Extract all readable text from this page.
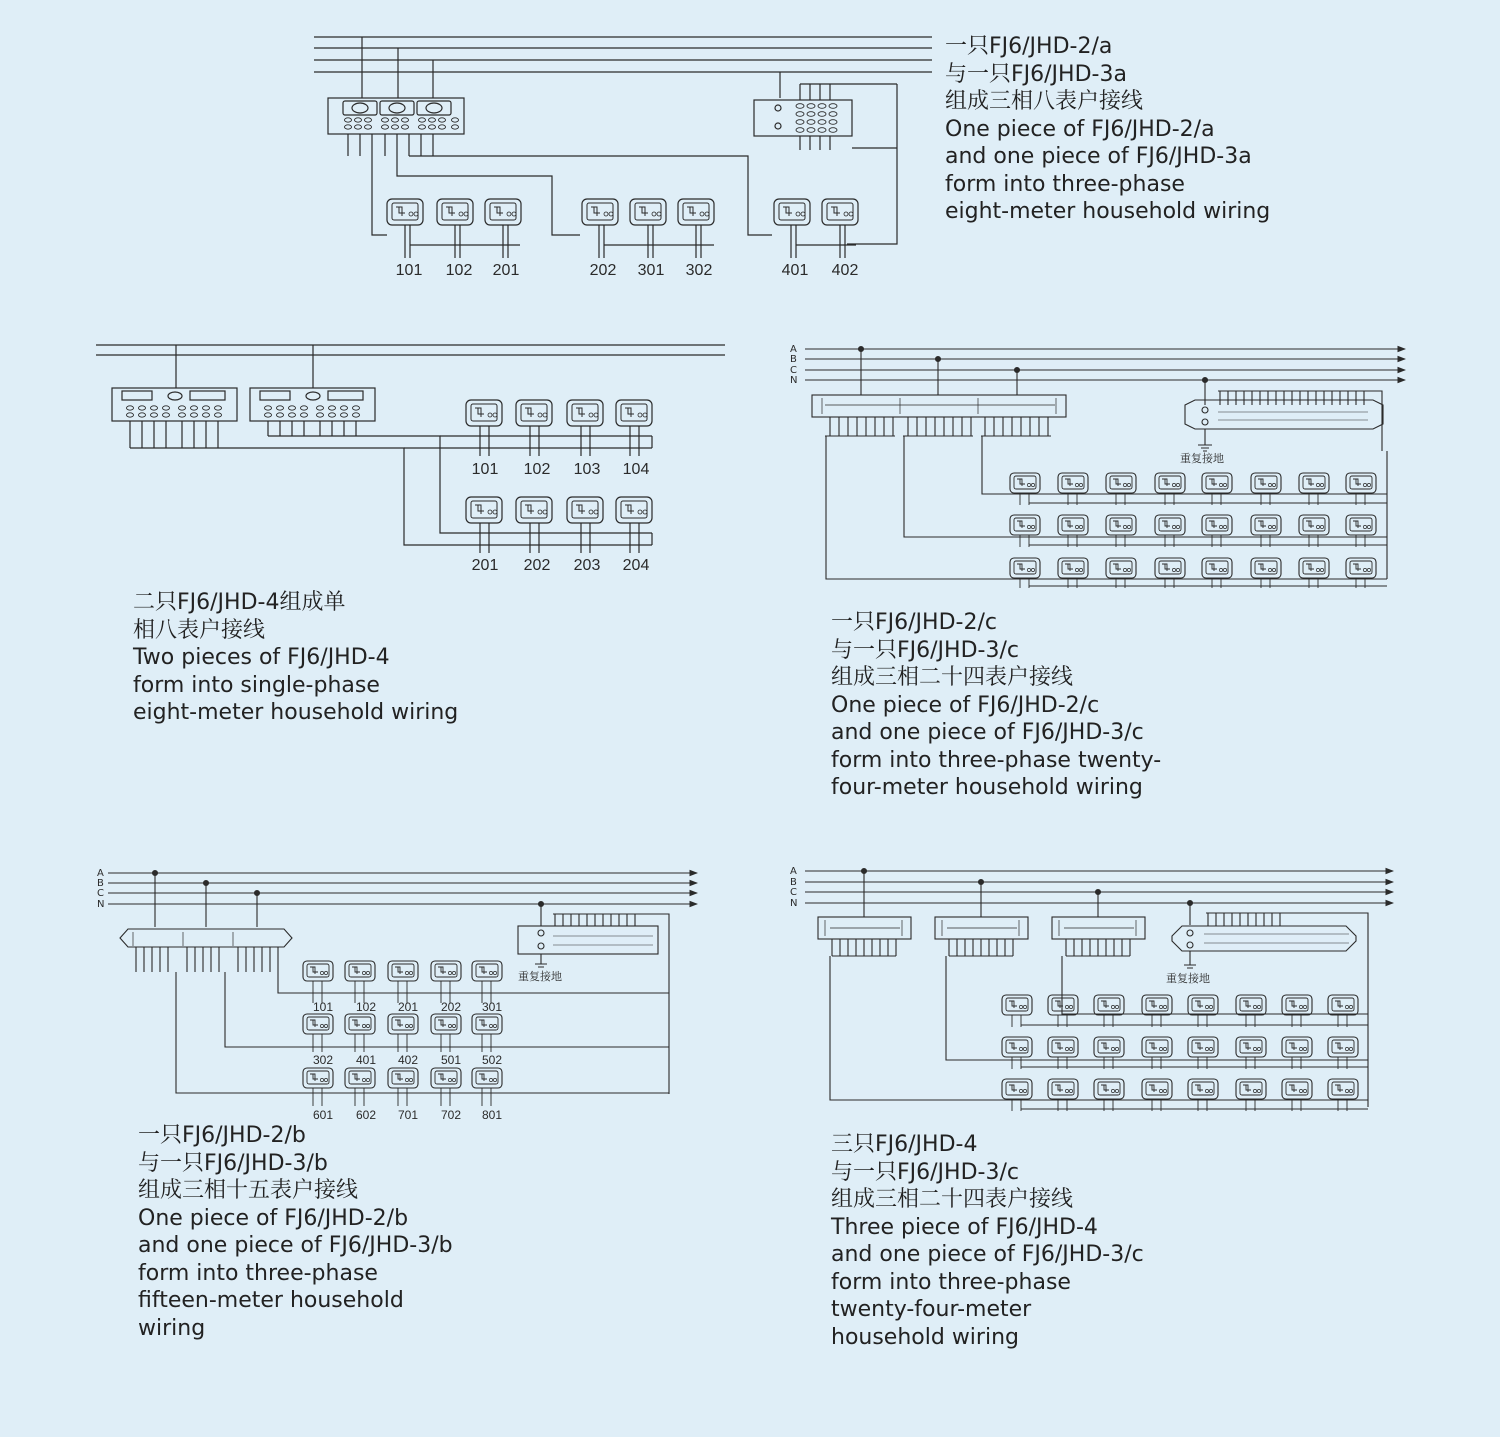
101 102 201	202 301 302	401 402
101 102 103 104
201 202 203 204
A
B
C
N
重复接地
A
B
C
N
重复接地
101 102 201 202 301
302 401 402 501 502
601 602 701 702 801
A
B
C
N
重复接地
一只FJ6/JHD-2/a
与一只FJ6/JHD-3a
组成三相八表户接线
One piece of FJ6/JHD-2/a
and one piece of FJ6/JHD-3a
form into three-phase
eight-meter household wiring
二只FJ6/JHD-4组成单
相八表户接线
Two pieces of FJ6/JHD-4
form into single-phase
eight-meter household wiring
一只FJ6/JHD-2/c
与一只FJ6/JHD-3/c
组成三相二十四表户接线
One piece of FJ6/JHD-2/c
and one piece of FJ6/JHD-3/c
form into three-phase twenty-
four-meter household wiring
一只FJ6/JHD-2/b
与一只FJ6/JHD-3/b
组成三相十五表户接线
One piece of FJ6/JHD-2/b
and one piece of FJ6/JHD-3/b
form into three-phase
fifteen-meter household
wiring
三只FJ6/JHD-4
与一只FJ6/JHD-3/c
组成三相二十四表户接线
Three piece of FJ6/JHD-4
and one piece of FJ6/JHD-3/c
form into three-phase
twenty-four-meter
household wiring
